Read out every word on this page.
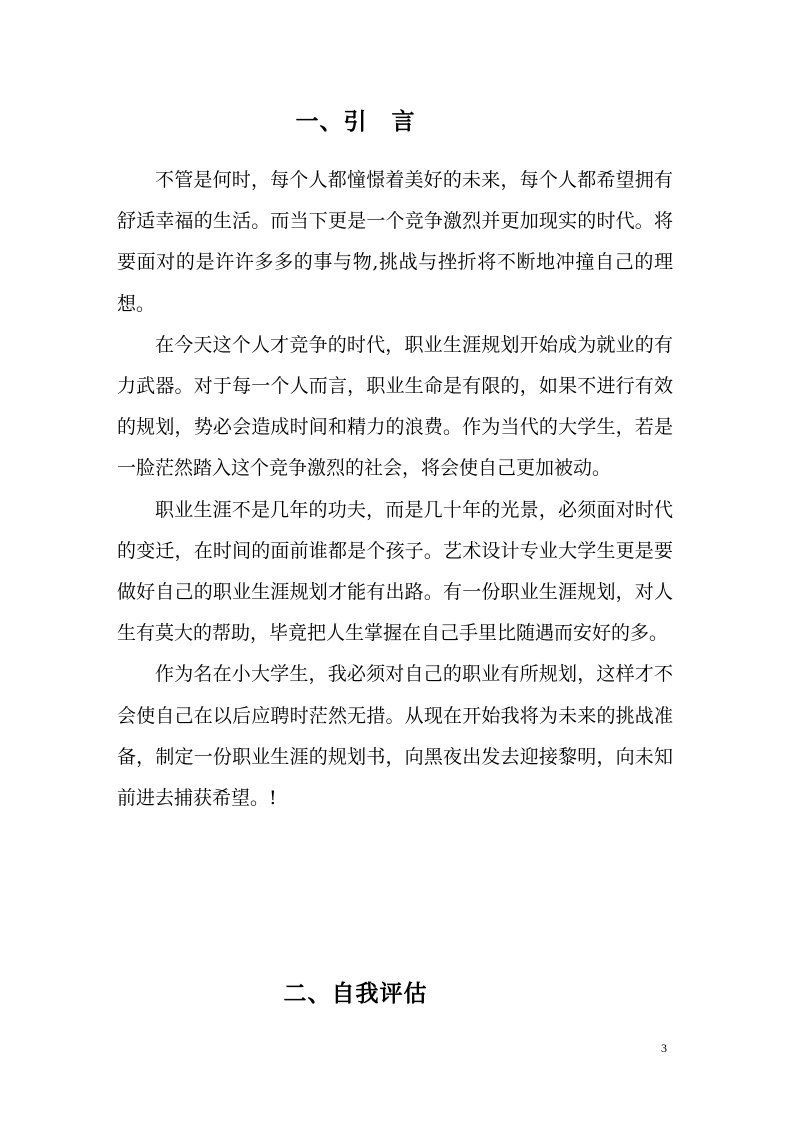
一、引　言

不管是何时，每个人都憧憬着美好的未来，每个人都希望拥有舒适幸福的生活。而当下更是一个竞争激烈并更加现实的时代。将要面对的是许许多多的事与物,挑战与挫折将不断地冲撞自己的理想。

在今天这个人才竞争的时代，职业生涯规划开始成为就业的有力武器。对于每一个人而言，职业生命是有限的，如果不进行有效的规划，势必会造成时间和精力的浪费。作为当代的大学生，若是一脸茫然踏入这个竞争激烈的社会，将会使自己更加被动。

职业生涯不是几年的功夫，而是几十年的光景，必须面对时代的变迁，在时间的面前谁都是个孩子。艺术设计专业大学生更是要做好自己的职业生涯规划才能有出路。有一份职业生涯规划，对人生有莫大的帮助，毕竟把人生掌握在自己手里比随遇而安好的多。

作为名在小大学生，我必须对自己的职业有所规划，这样才不会使自己在以后应聘时茫然无措。从现在开始我将为未来的挑战准备，制定一份职业生涯的规划书，向黑夜出发去迎接黎明，向未知前进去捕获希望。!

二、自我评估
3
